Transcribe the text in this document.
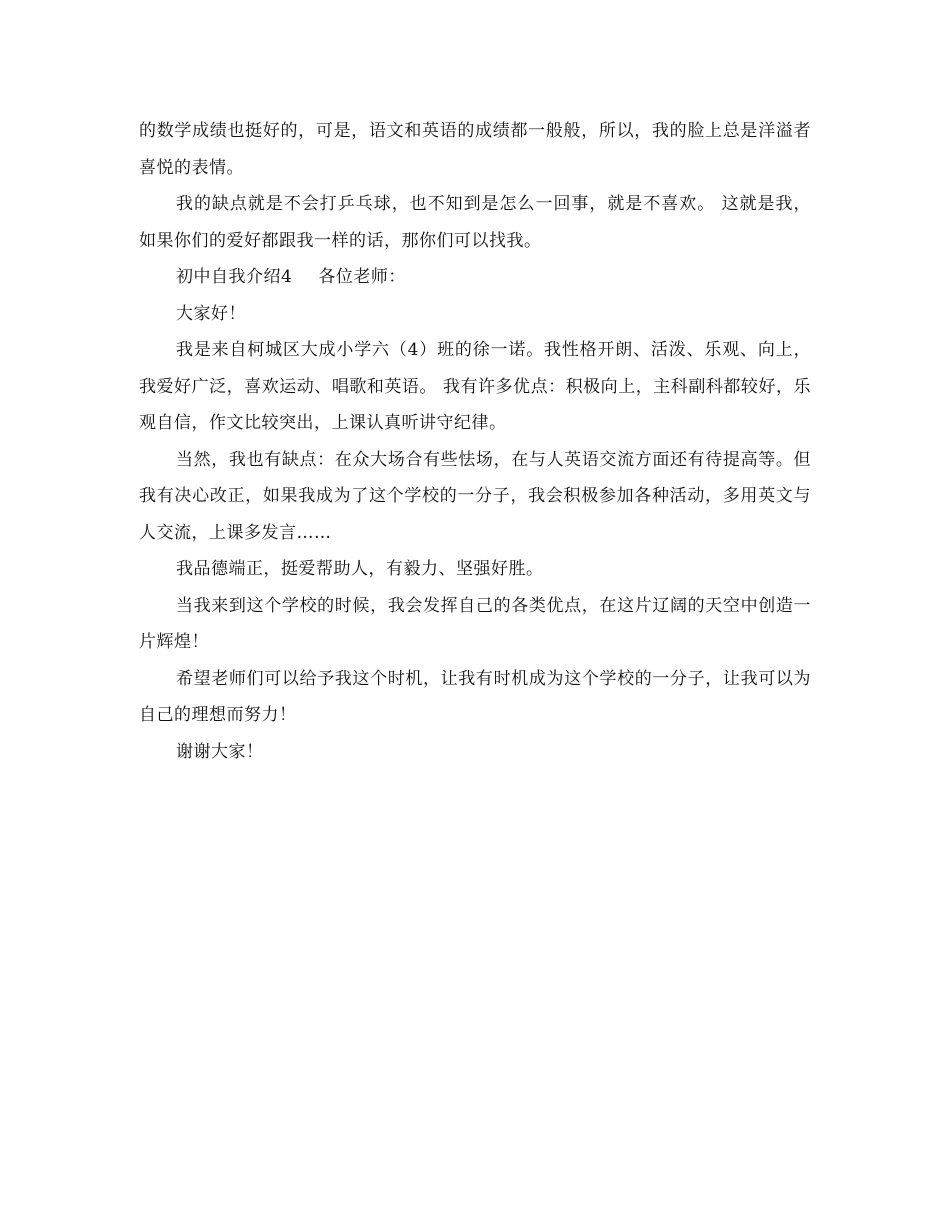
的数学成绩也挺好的，可是，语文和英语的成绩都一般般，所以，我的脸上总是洋溢者喜悦的表情。

我的缺点就是不会打乒乓球，也不知到是怎么一回事，就是不喜欢。 这就是我，如果你们的爱好都跟我一样的话，那你们可以找我。

初中自我介绍4 各位老师：

大家好！

我是来自柯城区大成小学六（4）班的徐一诺。我性格开朗、活泼、乐观、向上，我爱好广泛，喜欢运动、唱歌和英语。 我有许多优点：积极向上，主科副科都较好，乐观自信，作文比较突出，上课认真听讲守纪律。

当然，我也有缺点：在众大场合有些怯场，在与人英语交流方面还有待提高等。但我有决心改正，如果我成为了这个学校的一分子，我会积极参加各种活动，多用英文与人交流，上课多发言……

我品德端正，挺爱帮助人，有毅力、坚强好胜。

当我来到这个学校的时候，我会发挥自己的各类优点，在这片辽阔的天空中创造一片辉煌！

希望老师们可以给予我这个时机，让我有时机成为这个学校的一分子，让我可以为自己的理想而努力！

谢谢大家！
